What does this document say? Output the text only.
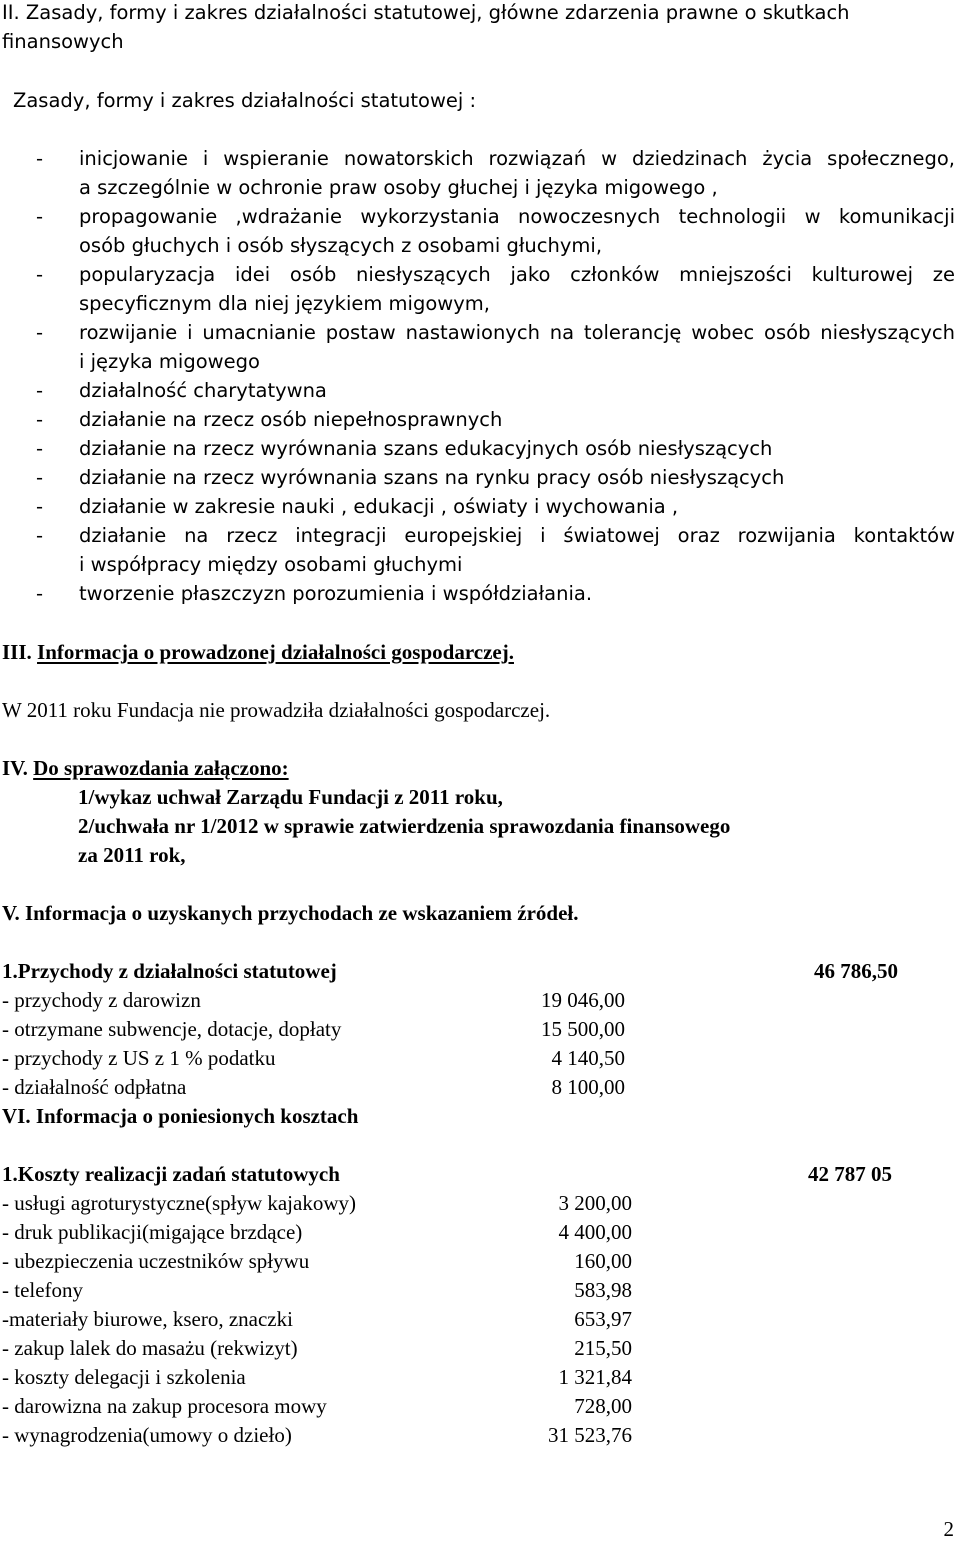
II. Zasady, formy i zakres działalności statutowej, główne zdarzenia prawne o skutkach
finansowych
Zasady, formy i zakres działalności statutowej :
- inicjowanie i wspieranie nowatorskich rozwiązań w dziedzinach życia społecznego,
a szczególnie w ochronie praw osoby głuchej i języka migowego ,
- propagowanie ,wdrażanie wykorzystania nowoczesnych technologii w komunikacji
osób głuchych i osób słyszących z osobami głuchymi,
- popularyzacja idei osób niesłyszących jako członków mniejszości kulturowej ze
specyficznym dla niej językiem migowym,
- rozwijanie i umacnianie postaw nastawionych na tolerancję wobec osób niesłyszących
i języka migowego
- działalność charytatywna
- działanie na rzecz osób niepełnosprawnych
- działanie na rzecz wyrównania szans edukacyjnych osób niesłyszących
- działanie na rzecz wyrównania szans na rynku pracy osób niesłyszących
- działanie w zakresie nauki , edukacji , oświaty i wychowania ,
- działanie na rzecz integracji europejskiej i światowej oraz rozwijania kontaktów
i współpracy między osobami głuchymi
- tworzenie płaszczyzn porozumienia i współdziałania.
III. Informacja o prowadzonej działalności gospodarczej.
W 2011 roku Fundacja nie prowadziła działalności gospodarczej.
IV. Do sprawozdania załączono:
1/wykaz uchwał Zarządu Fundacji z 2011 roku,
2/uchwała nr 1/2012 w sprawie zatwierdzenia sprawozdania finansowego
za 2011 rok,
V. Informacja o uzyskanych przychodach ze wskazaniem źródeł.
1.Przychody z działalności statutowej	46 786,50
- przychody z darowizn	19 046,00
- otrzymane subwencje, dotacje, dopłaty	15 500,00
- przychody z US z 1 % podatku	4 140,50
- działalność odpłatna	8 100,00
VI. Informacja o poniesionych kosztach
1.Koszty realizacji zadań statutowych	42 787 05
- usługi agroturystyczne(spływ kajakowy)	3 200,00
- druk publikacji(migające brzdące)	4 400,00
- ubezpieczenia uczestników spływu	160,00
- telefony	583,98
-materiały biurowe, ksero, znaczki	653,97
- zakup lalek do masażu (rekwizyt)	215,50
- koszty delegacji i szkolenia	1 321,84
- darowizna na zakup procesora mowy	728,00
- wynagrodzenia(umowy o dzieło)	31 523,76
2
